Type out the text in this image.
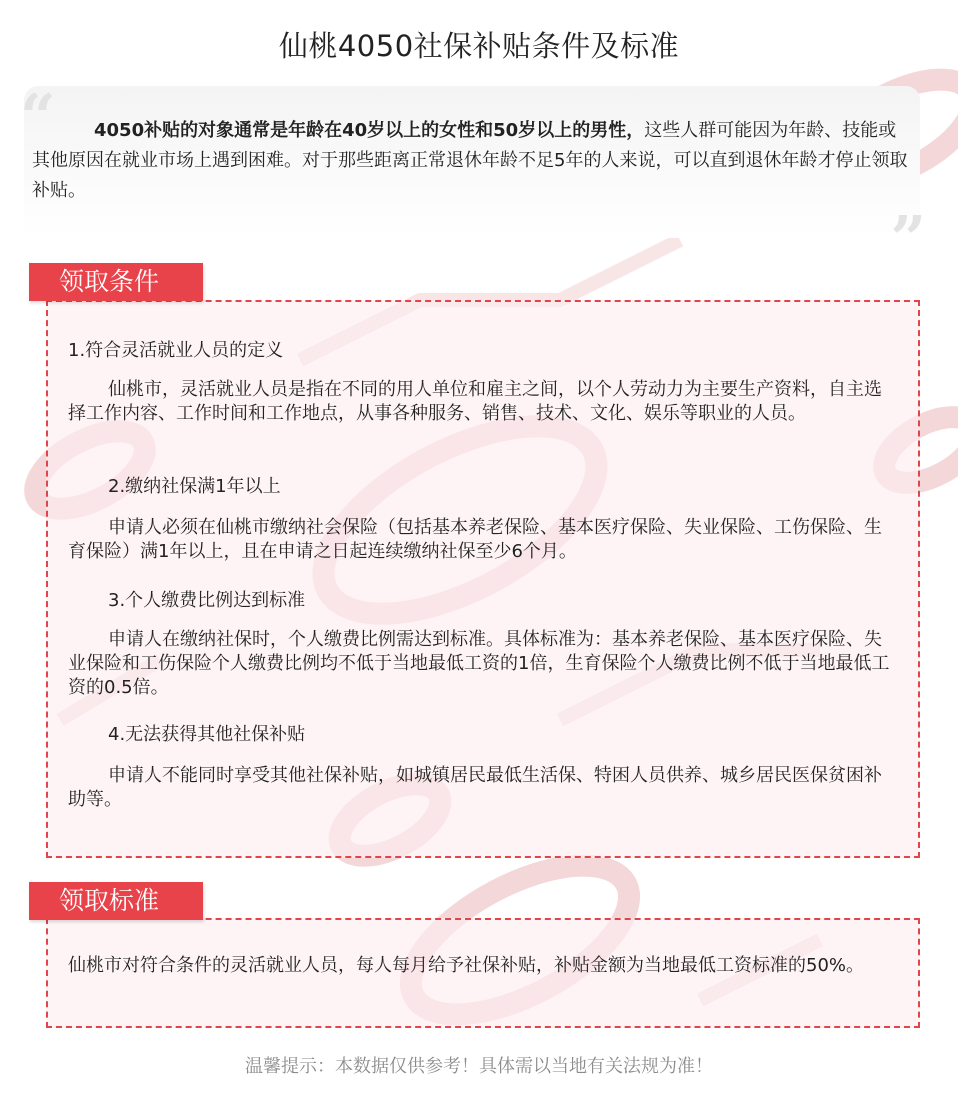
仙桃4050社保补贴条件及标准
“
”

4050补贴的对象通常是年龄在40岁以上的女性和50岁以上的男性，这些人群可能因为年龄、技能或其他原因在就业市场上遇到困难。对于那些距离正常退休年龄不足5年的人来说，可以直到退休年龄才停止领取补贴。

1.符合灵活就业人员的定义
仙桃市，灵活就业人员是指在不同的用人单位和雇主之间，以个人劳动力为主要生产资料，自主选择工作内容、工作时间和工作地点，从事各种服务、销售、技术、文化、娱乐等职业的人员。
2.缴纳社保满1年以上
申请人必须在仙桃市缴纳社会保险（包括基本养老保险、基本医疗保险、失业保险、工伤保险、生育保险）满1年以上，且在申请之日起连续缴纳社保至少6个月。
3.个人缴费比例达到标准
申请人在缴纳社保时，个人缴费比例需达到标准。具体标准为：基本养老保险、基本医疗保险、失业保险和工伤保险个人缴费比例均不低于当地最低工资的1倍，生育保险个人缴费比例不低于当地最低工资的0.5倍。
4.无法获得其他社保补贴
申请人不能同时享受其他社保补贴，如城镇居民最低生活保、特困人员供养、城乡居民医保贫困补助等。
领取条件
仙桃市对符合条件的灵活就业人员，每人每月给予社保补贴，补贴金额为当地最低工资标准的50%。
领取标准
温馨提示：本数据仅供参考！具体需以当地有关法规为准！
